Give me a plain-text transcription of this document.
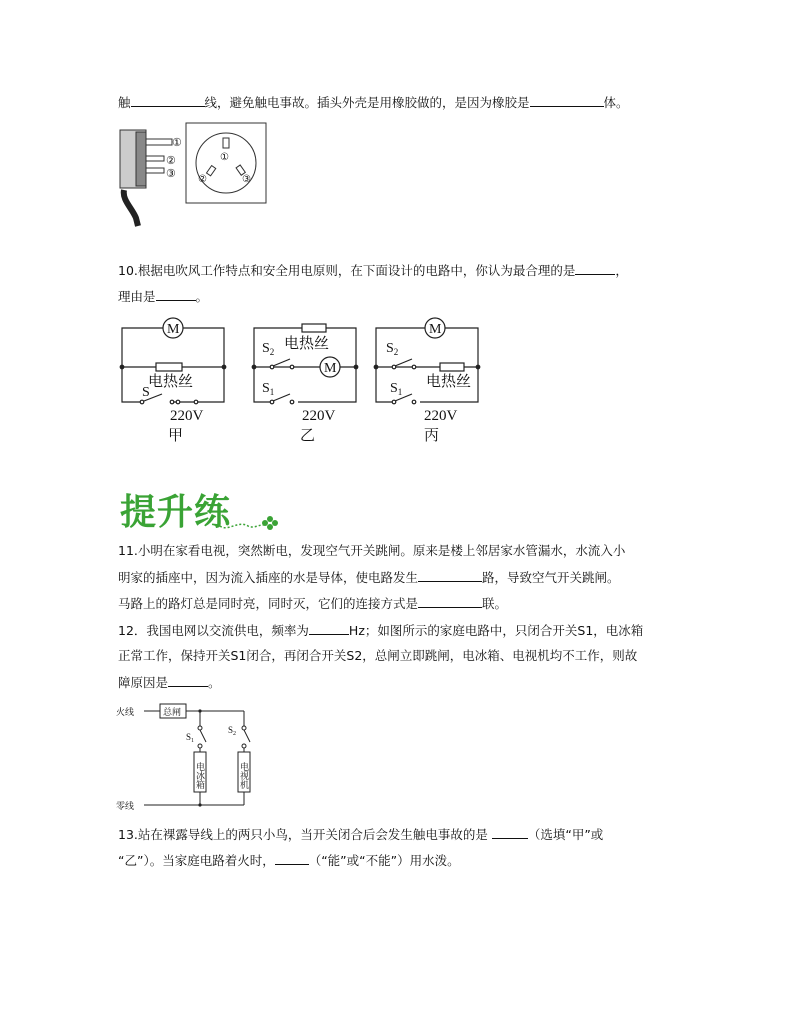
触	线，避免触电事故。插头外壳是用橡胶做的，是因为橡胶是	体。
①
②
③
①
②	③
10.根据电吹风工作特点和安全用电原则，在下面设计的电路中，你认为最合理的是	，
理由是	。
M
电热丝
S
220V
甲
$S_2$ 电热丝
M
$S_1$
220V
乙
M
$S_2$
电热丝
$S_1$
220V
丙
提升练
11.小明在家看电视，突然断电，发现空气开关跳闸。原来是楼上邻居家水管漏水，水流入小
明家的插座中，因为流入插座的水是导体，使电路发生	路，导致空气开关跳闸。
马路上的路灯总是同时亮，同时灭，它们的连接方式是	联。
12．我国电网以交流供电，频率为	Hz；如图所示的家庭电路中，只闭合开关S1，电冰箱
正常工作，保持开关S1闭合，再闭合开关S2，总闸立即跳闸，电冰箱、电视机均不工作，则故
障原因是	。
火线	总闸
零线
$S_1$
$S_2$
电冰箱	电视机
13.站在裸露导线上的两只小鸟，当开关闭合后会发生触电事故的是	（选填“甲”或
“乙”）。当家庭电路着火时，	（“能”或“不能”）用水泼。
